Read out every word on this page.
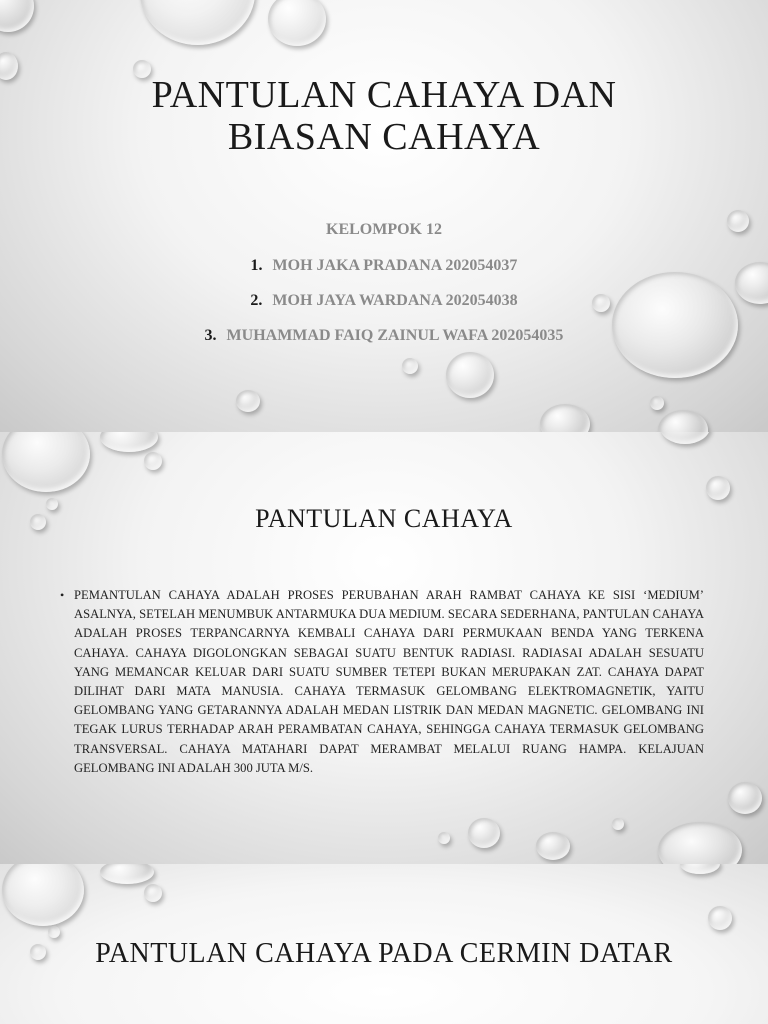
PANTULAN CAHAYA DAN
BIASAN CAHAYA
KELOMPOK 12
1. MOH JAKA PRADANA 202054037
2. MOH JAYA WARDANA 202054038
3. MUHAMMAD FAIQ ZAINUL WAFA 202054035
PANTULAN CAHAYA
• PEMANTULAN CAHAYA ADALAH PROSES PERUBAHAN ARAH RAMBAT CAHAYA KE SISI ‘MEDIUM’ ASALNYA, SETELAH MENUMBUK ANTARMUKA DUA MEDIUM. SECARA SEDERHANA, PANTULAN CAHAYA ADALAH PROSES TERPANCARNYA KEMBALI CAHAYA DARI PERMUKAAN BENDA YANG TERKENA CAHAYA. CAHAYA DIGOLONGKAN SEBAGAI SUATU BENTUK RADIASI. RADIASAI ADALAH SESUATU YANG MEMANCAR KELUAR DARI SUATU SUMBER TETEPI BUKAN MERUPAKAN ZAT. CAHAYA DAPAT DILIHAT DARI MATA MANUSIA. CAHAYA TERMASUK GELOMBANG ELEKTROMAGNETIK, YAITU GELOMBANG YANG GETARANNYA ADALAH MEDAN LISTRIK DAN MEDAN MAGNETIC. GELOMBANG INI TEGAK LURUS TERHADAP ARAH PERAMBATAN CAHAYA, SEHINGGA CAHAYA TERMASUK GELOMBANG TRANSVERSAL. CAHAYA MATAHARI DAPAT MERAMBAT MELALUI RUANG HAMPA. KELAJUAN GELOMBANG INI ADALAH 300 JUTA M/S.
PANTULAN CAHAYA PADA CERMIN DATAR
